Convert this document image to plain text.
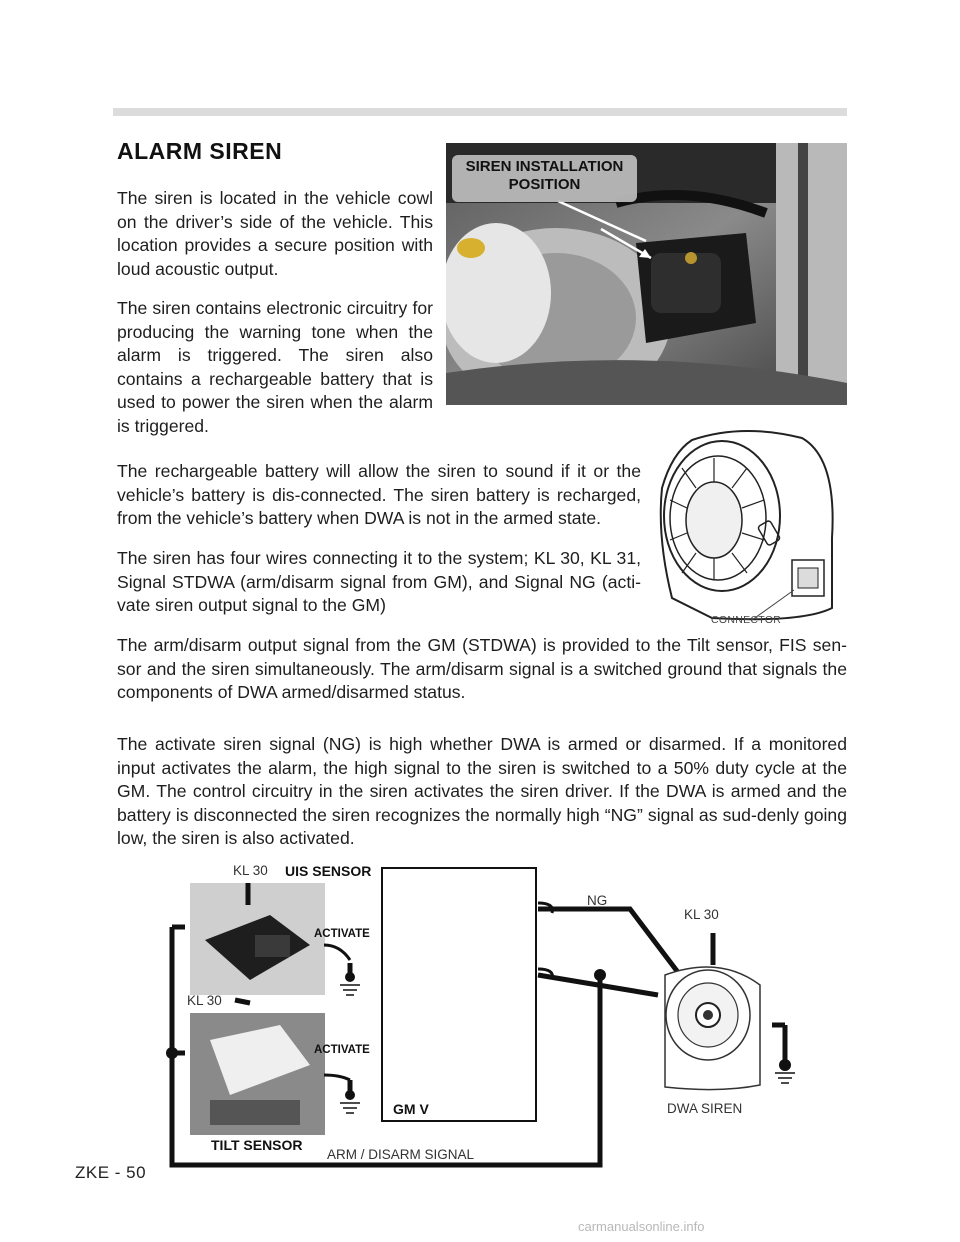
ALARM SIREN

The siren is located in the vehicle cowl on the driver’s side of the vehicle. This location provides a secure position with loud acoustic output.

The siren contains electronic circuitry for producing the warning tone when the alarm is triggered. The siren also contains a rechargeable battery that is used to power the siren when the alarm is triggered.

The rechargeable battery will allow the siren to sound if it or the vehicle’s battery is dis-connected. The siren battery is recharged, from the vehicle’s battery when DWA is not in the armed state.

The siren has four wires connecting it to the system; KL 30, KL 31, Signal STDWA (arm/disarm signal from GM), and Signal NG (acti-vate siren output signal to the GM)

The arm/disarm output signal from the GM (STDWA) is provided to the Tilt sensor, FIS sen-sor and the siren simultaneously. The arm/disarm signal is a switched ground that signals the components of DWA armed/disarmed status.

The activate siren signal (NG) is high whether DWA is armed or disarmed. If a monitored input activates the alarm, the high signal to the siren is switched to a 50% duty cycle at the GM. The control circuitry in the siren activates the siren driver. If the DWA is armed and the battery is disconnected the siren recognizes the normally high “NG” signal as sud-denly going low, the siren is also activated.

SIREN INSTALLATION
POSITION
CONNECTOR
KL 30 UIS SENSOR
ACTIVATE
KL 30
ACTIVATE
TILT SENSOR
GM V
ARM / DISARM SIGNAL
NG
KL 30
DWA SIREN
ZKE - 50
carmanualsonline.info
